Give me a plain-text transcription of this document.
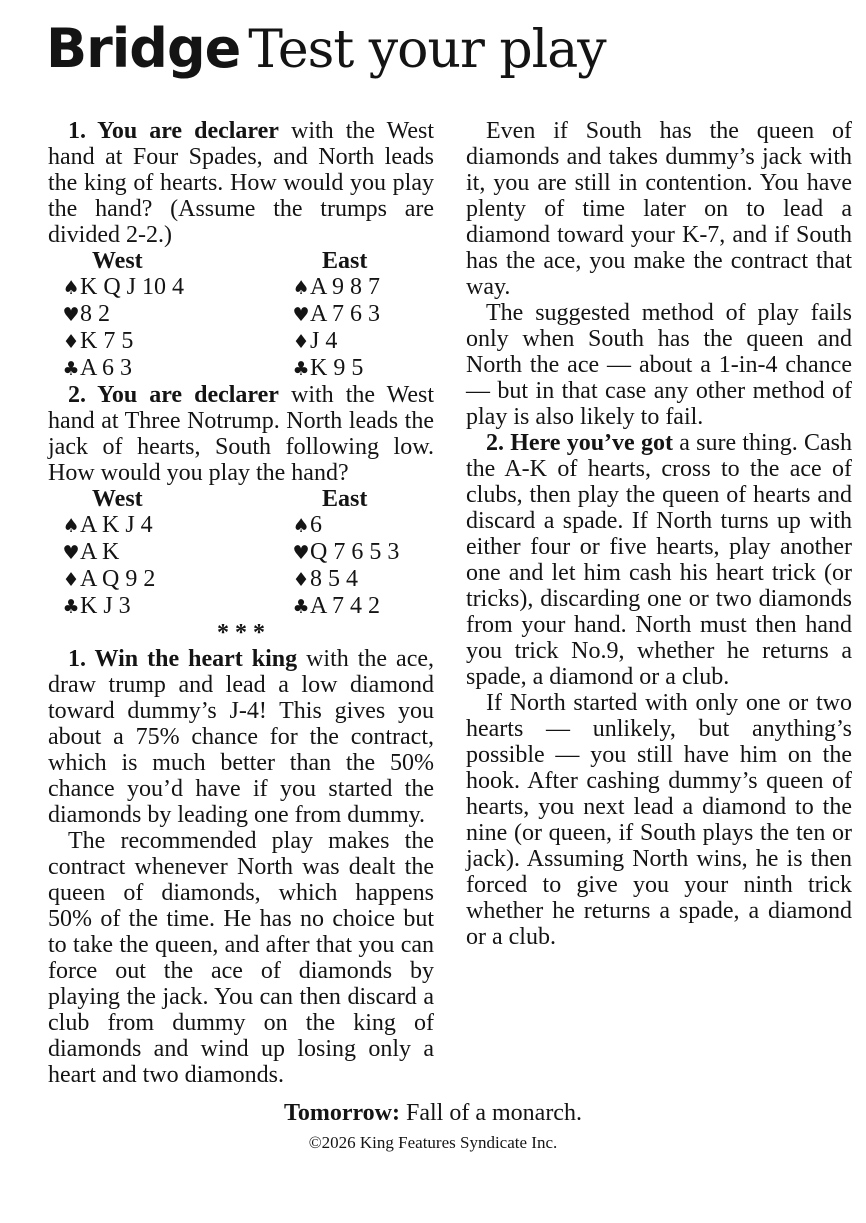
Bridge Test your play

1. You are declarer with the West hand at Four Spades, and North leads the king of hearts. How would you play the hand? (Assume the trumps are divided 2-2.)

West	East
♠K Q J 10 4	♠A 9 8 7
♥8 2	♥A 7 6 3
♦K 7 5	♦J 4
♣A 6 3	♣K 9 5

2. You are declarer with the West hand at Three Notrump. North leads the jack of hearts, South following low. How would you play the hand?

West	East
♠A K J 4	♠6
♥A K	♥Q 7 6 5 3
♦A Q 9 2	♦8 5 4
♣K J 3	♣A 7 4 2
* * *

1. Win the heart king with the ace, draw trump and lead a low diamond toward dummy’s J-4! This gives you about a 75% chance for the contract, which is much better than the 50% chance you’d have if you started the diamonds by leading one from dummy.

The recommended play makes the contract whenever North was dealt the queen of diamonds, which happens 50% of the time. He has no choice but to take the queen, and after that you can force out the ace of diamonds by playing the jack. You can then discard a club from dummy on the king of diamonds and wind up losing only a heart and two diamonds.

Even if South has the queen of diamonds and takes dummy’s jack with it, you are still in contention. You have plenty of time later on to lead a diamond toward your K-7, and if South has the ace, you make the contract that way.

The suggested method of play fails only when South has the queen and North the ace — about a 1-in-4 chance — but in that case any other method of play is also likely to fail.

2. Here you’ve got a sure thing. Cash the A-K of hearts, cross to the ace of clubs, then play the queen of hearts and discard a spade. If North turns up with either four or five hearts, play another one and let him cash his heart trick (or tricks), discarding one or two diamonds from your hand. North must then hand you trick No.9, whether he returns a spade, a diamond or a club.

If North started with only one or two hearts — unlikely, but anything’s possible — you still have him on the hook. After cashing dummy’s queen of hearts, you next lead a diamond to the nine (or queen, if South plays the ten or jack). Assuming North wins, he is then forced to give you your ninth trick whether he returns a spade, a diamond or a club.

Tomorrow: Fall of a monarch.
©2026 King Features Syndicate Inc.
